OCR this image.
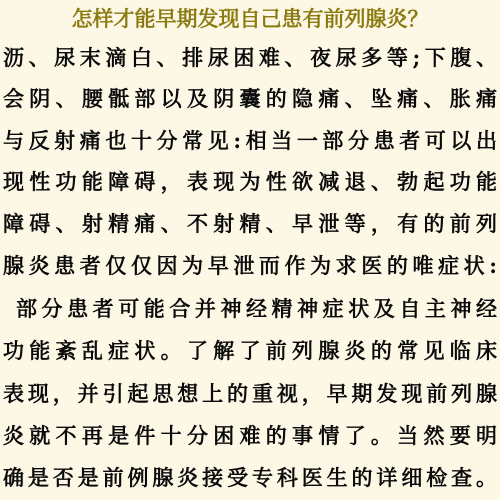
怎样才能早期发现自己患有前列腺炎？
沥、尿末滴白、排尿困难、夜尿多等;下腹、
会阴、腰骶部以及阴囊的隐痛、坠痛、胀痛
与反射痛也十分常见:相当一部分患者可以出
现性功能障碍，表现为性欲减退、勃起功能
障碍、射精痛、不射精、早泄等，有的前列
腺炎患者仅仅因为早泄而作为求医的唯症状:
部分患者可能合并神经精神症状及自主神经
功能紊乱症状。了解了前列腺炎的常见临床
表现，并引起思想上的重视，早期发现前列腺
炎就不再是件十分困难的事情了。当然要明
确是否是前例腺炎接受专科医生的详细检查。
